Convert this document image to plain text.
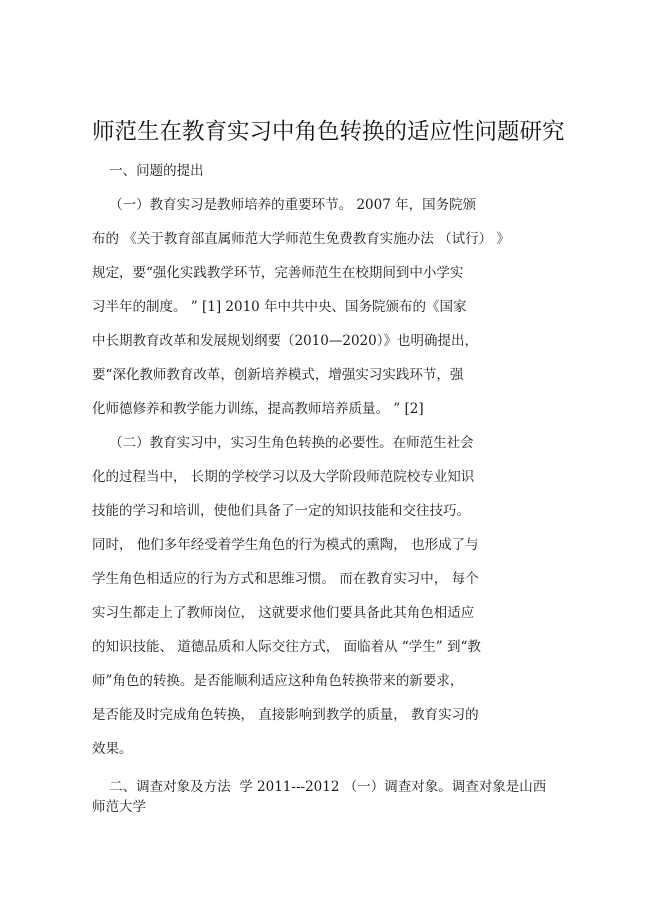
师范生在教育实习中角色转换的适应性问题研究
一、问题的提出
（一）教育实习是教师培养的重要环节。 2007 年，国务院颁
布的 《关于教育部直属师范大学师范生免费教育实施办法 （试行） 》
规定，要“强化实践教学环节，完善师范生在校期间到中小学实
习半年的制度。 ” [1] 2010 年中共中央、国务院颁布的《国家
中长期教育改革和发展规划纲要（2010—2020）》也明确提出，
要“深化教师教育改革，创新培养模式，增强实习实践环节，强
化师德修养和教学能力训练，提高教师培养质量。 ” [2]
（二）教育实习中，实习生角色转换的必要性。在师范生社会
化的过程当中， 长期的学校学习以及大学阶段师范院校专业知识
技能的学习和培训，使他们具备了一定的知识技能和交往技巧。
同时， 他们多年经受着学生角色的行为模式的熏陶， 也形成了与
学生角色相适应的行为方式和思维习惯。 而在教育实习中， 每个
实习生都走上了教师岗位， 这就要求他们要具备此其角色相适应
的知识技能、 道德品质和人际交往方式， 面临着从 “学生” 到“教
师”角色的转换。是否能顺利适应这种角色转换带来的新要求，
是否能及时完成角色转换， 直接影响到教学的质量， 教育实习的
效果。
二、调查对象及方法  学 2011---2012 （一）调查对象。调查对象是山西
师范大学
